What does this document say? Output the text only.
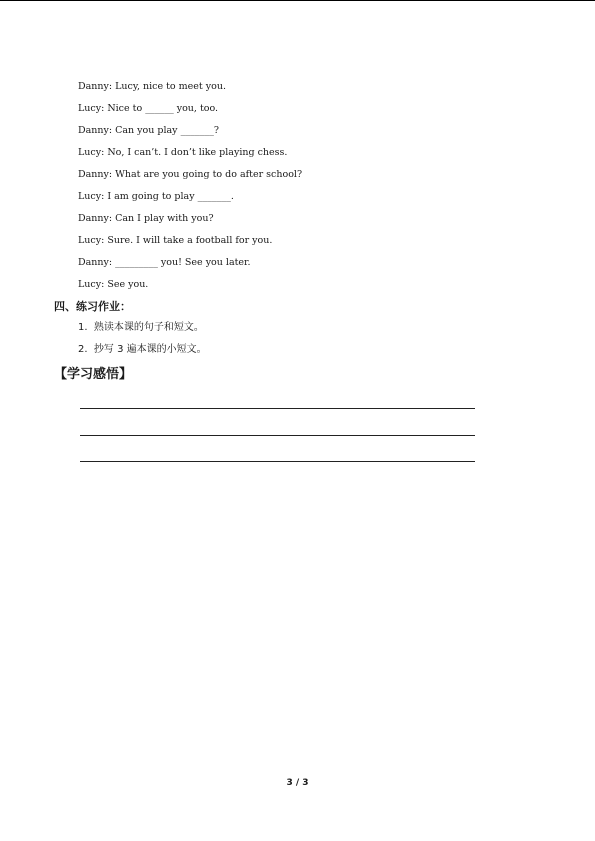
Danny: Lucy, nice to meet you.
Lucy: Nice to ______ you, too.
Danny: Can you play _______?
Lucy: No, I can’t. I don’t like playing chess.
Danny: What are you going to do after school?
Lucy: I am going to play _______.
Danny: Can I play with you?
Lucy: Sure. I will take a football for you.
Danny: _________ you! See you later.
Lucy: See you.
四、练习作业：
1.  熟读本课的句子和短文。
2.  抄写 3 遍本课的小短文。
【学习感悟】
3 / 3
